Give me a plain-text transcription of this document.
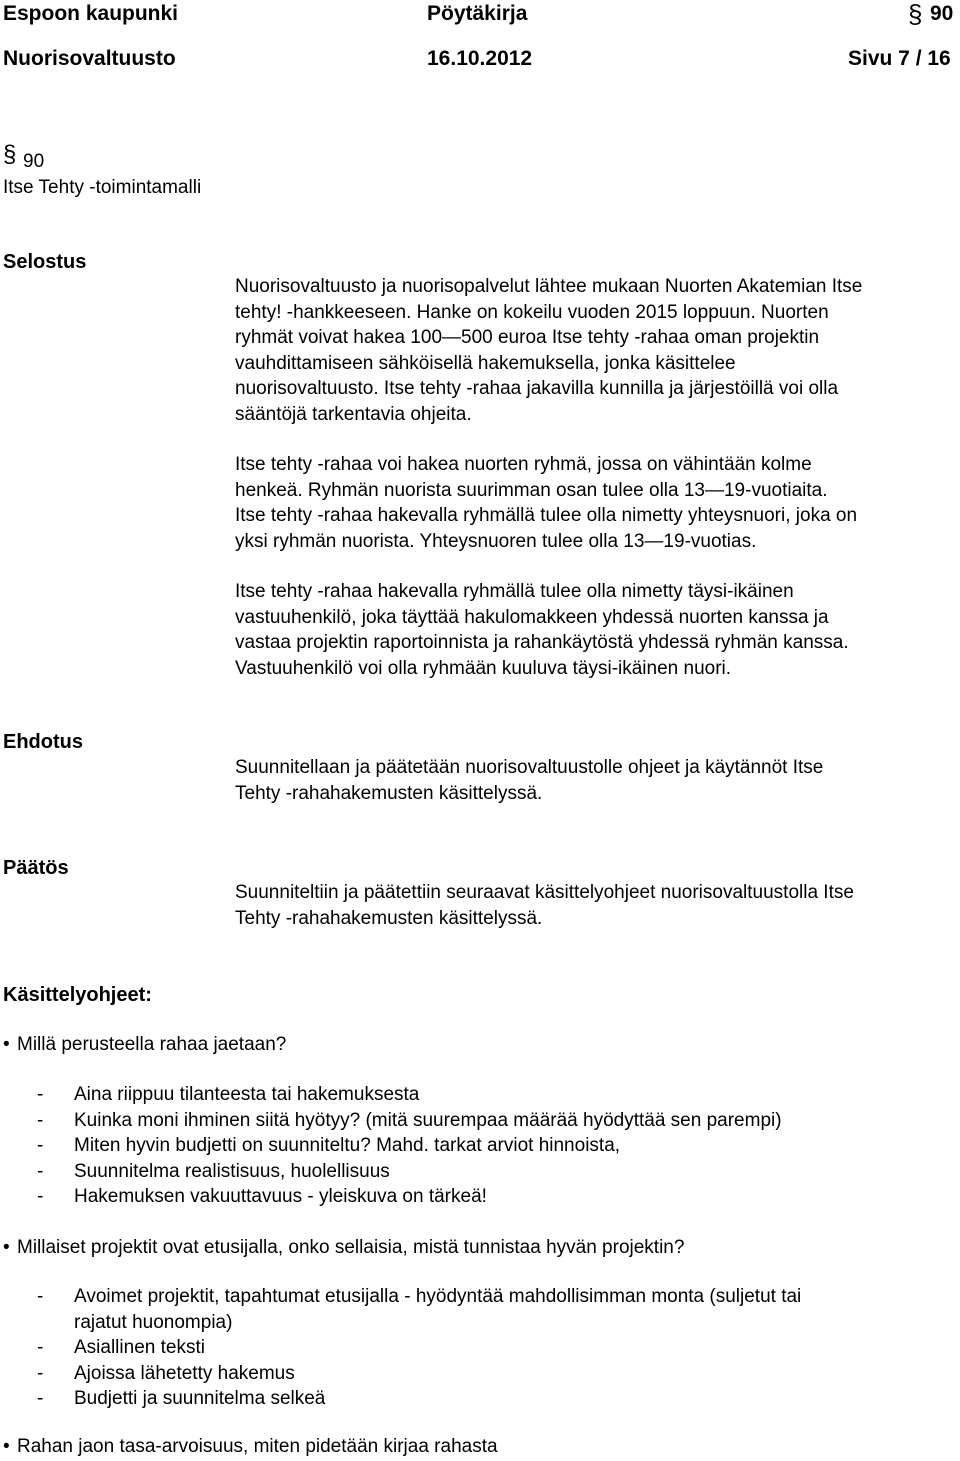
Espoon kaupunki	Pöytäkirja	§ 90
Nuorisovaltuusto	16.10.2012	Sivu 7 / 16
§ 90
Itse Tehty -toimintamalli
Selostus
Nuorisovaltuusto ja nuorisopalvelut lähtee mukaan Nuorten Akatemian Itse
tehty! -hankkeeseen. Hanke on kokeilu vuoden 2015 loppuun. Nuorten
ryhmät voivat hakea 100—500 euroa Itse tehty -rahaa oman projektin
vauhdittamiseen sähköisellä hakemuksella, jonka käsittelee
nuorisovaltuusto. Itse tehty -rahaa jakavilla kunnilla ja järjestöillä voi olla
sääntöjä tarkentavia ohjeita.
Itse tehty -rahaa voi hakea nuorten ryhmä, jossa on vähintään kolme
henkeä. Ryhmän nuorista suurimman osan tulee olla 13—19-vuotiaita.
Itse tehty -rahaa hakevalla ryhmällä tulee olla nimetty yhteysnuori, joka on
yksi ryhmän nuorista. Yhteysnuoren tulee olla 13—19-vuotias.
Itse tehty -rahaa hakevalla ryhmällä tulee olla nimetty täysi-ikäinen
vastuuhenkilö, joka täyttää hakulomakkeen yhdessä nuorten kanssa ja
vastaa projektin raportoinnista ja rahankäytöstä yhdessä ryhmän kanssa.
Vastuuhenkilö voi olla ryhmään kuuluva täysi-ikäinen nuori.
Ehdotus
Suunnitellaan ja päätetään nuorisovaltuustolle ohjeet ja käytännöt Itse
Tehty -rahahakemusten käsittelyssä.
Päätös
Suunniteltiin ja päätettiin seuraavat käsittelyohjeet nuorisovaltuustolla Itse
Tehty -rahahakemusten käsittelyssä.
Käsittelyohjeet:
• Millä perusteella rahaa jaetaan?
-	Aina riippuu tilanteesta tai hakemuksesta
-	Kuinka moni ihminen siitä hyötyy? (mitä suurempaa määrää hyödyttää sen parempi)
-	Miten hyvin budjetti on suunniteltu? Mahd. tarkat arviot hinnoista,
-	Suunnitelma realistisuus, huolellisuus
-	Hakemuksen vakuuttavuus - yleiskuva on tärkeä!
• Millaiset projektit ovat etusijalla, onko sellaisia, mistä tunnistaa hyvän projektin?
-	Avoimet projektit, tapahtumat etusijalla - hyödyntää mahdollisimman monta (suljetut tai
rajatut huonompia)
-	Asiallinen teksti
-	Ajoissa lähetetty hakemus
-	Budjetti ja suunnitelma selkeä
• Rahan jaon tasa-arvoisuus, miten pidetään kirjaa rahasta
